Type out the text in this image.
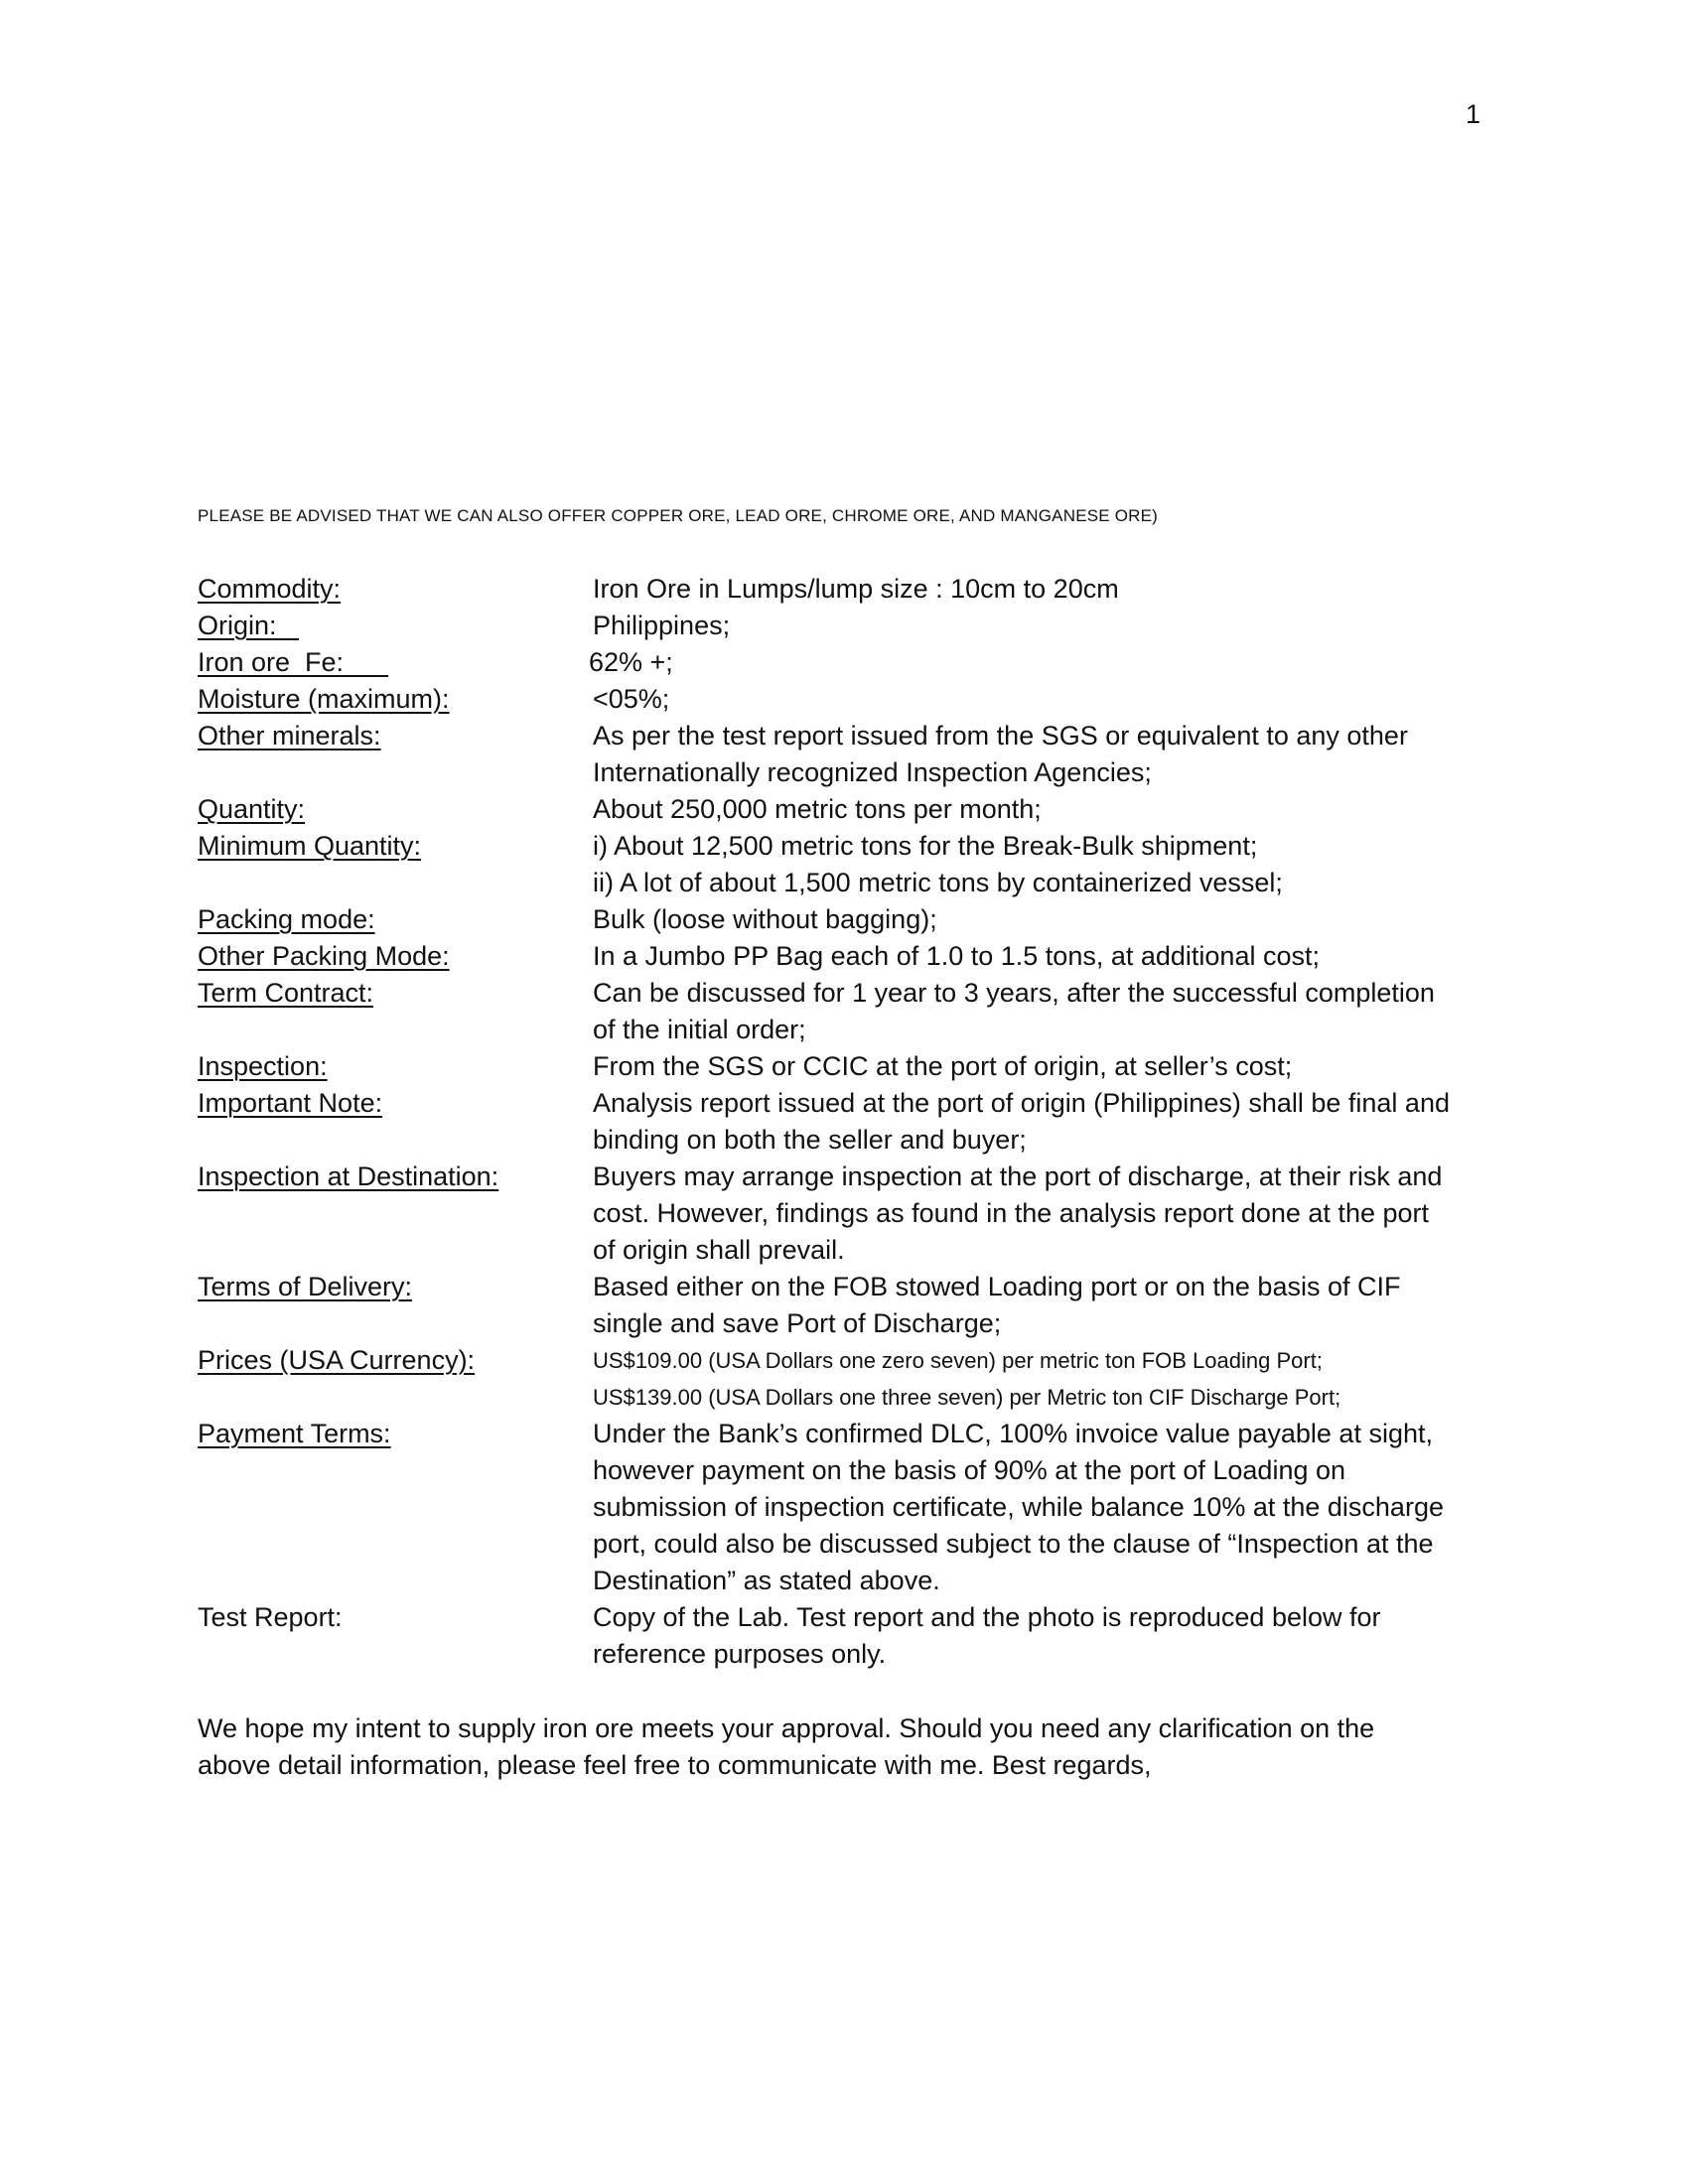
1
PLEASE BE ADVISED THAT WE CAN ALSO OFFER COPPER ORE, LEAD ORE, CHROME ORE, AND MANGANESE ORE)
Commodity:	Iron Ore in Lumps/lump size : 10cm to 20cm
Origin:	Philippines;
Iron ore  Fe:	62% +;
Moisture (maximum):	<05%;
Other minerals:	As per the test report issued from the SGS or equivalent to any other
Internationally recognized Inspection Agencies;
Quantity:	About 250,000 metric tons per month;
Minimum Quantity:	i) About 12,500 metric tons for the Break-Bulk shipment;
ii) A lot of about 1,500 metric tons by containerized vessel;
Packing mode:	Bulk (loose without bagging);
Other Packing Mode:	In a Jumbo PP Bag each of 1.0 to 1.5 tons, at additional cost;
Term Contract:	Can be discussed for 1 year to 3 years, after the successful completion
of the initial order;
Inspection:	From the SGS or CCIC at the port of origin, at seller’s cost;
Important Note:	Analysis report issued at the port of origin (Philippines) shall be final and
binding on both the seller and buyer;
Inspection at Destination:	Buyers may arrange inspection at the port of discharge, at their risk and
cost. However, findings as found in the analysis report done at the port
of origin shall prevail.
Terms of Delivery:	Based either on the FOB stowed Loading port or on the basis of CIF
single and save Port of Discharge;
Prices (USA Currency):	US$109.00 (USA Dollars one zero seven) per metric ton FOB Loading Port;
US$139.00 (USA Dollars one three seven) per Metric ton CIF Discharge Port;
Payment Terms:	Under the Bank’s confirmed DLC, 100% invoice value payable at sight,
however payment on the basis of 90% at the port of Loading on
submission of inspection certificate, while balance 10% at the discharge
port, could also be discussed subject to the clause of “Inspection at the
Destination” as stated above.
Test Report:	Copy of the Lab. Test report and the photo is reproduced below for
reference purposes only.
We hope my intent to supply iron ore meets your approval. Should you need any clarification on the
above detail information, please feel free to communicate with me. Best regards,
